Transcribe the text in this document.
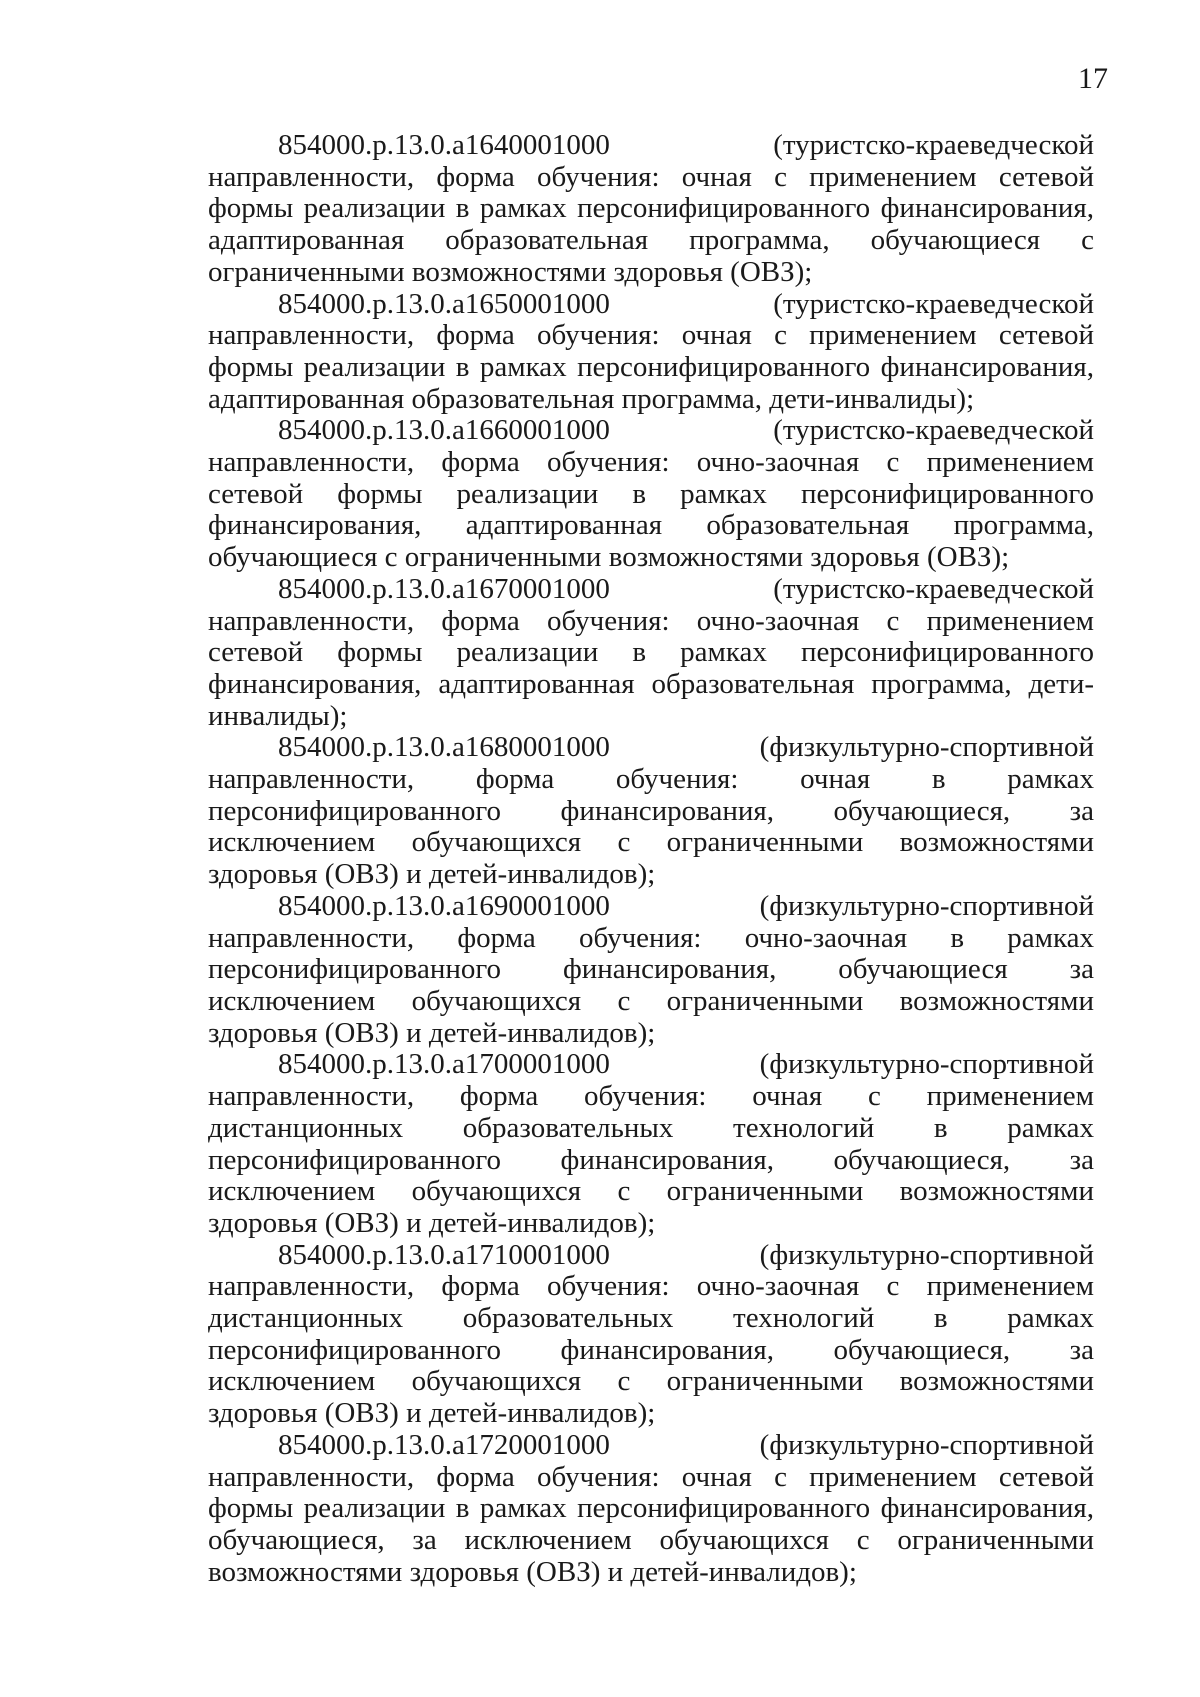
17

854000.р.13.0.а1640001000	(туристско-краеведческой направленности, форма обучения: очная с применением сетевой формы реализации в рамках персонифицированного финансирования, адаптированная образовательная программа, обучающиеся с ограниченными возможностями здоровья (ОВЗ);

854000.р.13.0.а1650001000	(туристско-краеведческой направленности, форма обучения: очная с применением сетевой формы реализации в рамках персонифицированного финансирования, адаптированная образовательная программа, дети-инвалиды);

854000.р.13.0.а1660001000	(туристско-краеведческой направленности, форма обучения: очно-заочная с применением сетевой формы реализации в рамках персонифицированного финансирования, адаптированная образовательная программа, обучающиеся с ограниченными возможностями здоровья (ОВЗ);

854000.р.13.0.а1670001000	(туристско-краеведческой направленности, форма обучения: очно-заочная с применением сетевой формы реализации в рамках персонифицированного финансирования, адаптированная образовательная программа, дети-инвалиды);

854000.р.13.0.а1680001000	(физкультурно-спортивной направленности, форма обучения: очная в рамках персонифицированного финансирования, обучающиеся, за исключением обучающихся с ограниченными возможностями здоровья (ОВЗ) и детей-инвалидов);

854000.р.13.0.а1690001000	(физкультурно-спортивной направленности, форма обучения: очно-заочная в рамках персонифицированного финансирования, обучающиеся за исключением обучающихся с ограниченными возможностями здоровья (ОВЗ) и детей-инвалидов);

854000.р.13.0.а1700001000	(физкультурно-спортивной направленности, форма обучения: очная с применением дистанционных образовательных технологий в рамках персонифицированного финансирования, обучающиеся, за исключением обучающихся с ограниченными возможностями здоровья (ОВЗ) и детей-инвалидов);

854000.р.13.0.а1710001000	(физкультурно-спортивной направленности, форма обучения: очно-заочная с применением дистанционных образовательных технологий в рамках персонифицированного финансирования, обучающиеся, за исключением обучающихся с ограниченными возможностями здоровья (ОВЗ) и детей-инвалидов);

854000.р.13.0.а1720001000	(физкультурно-спортивной направленности, форма обучения: очная с применением сетевой формы реализации в рамках персонифицированного финансирования, обучающиеся, за исключением обучающихся с ограниченными возможностями здоровья (ОВЗ) и детей-инвалидов);
